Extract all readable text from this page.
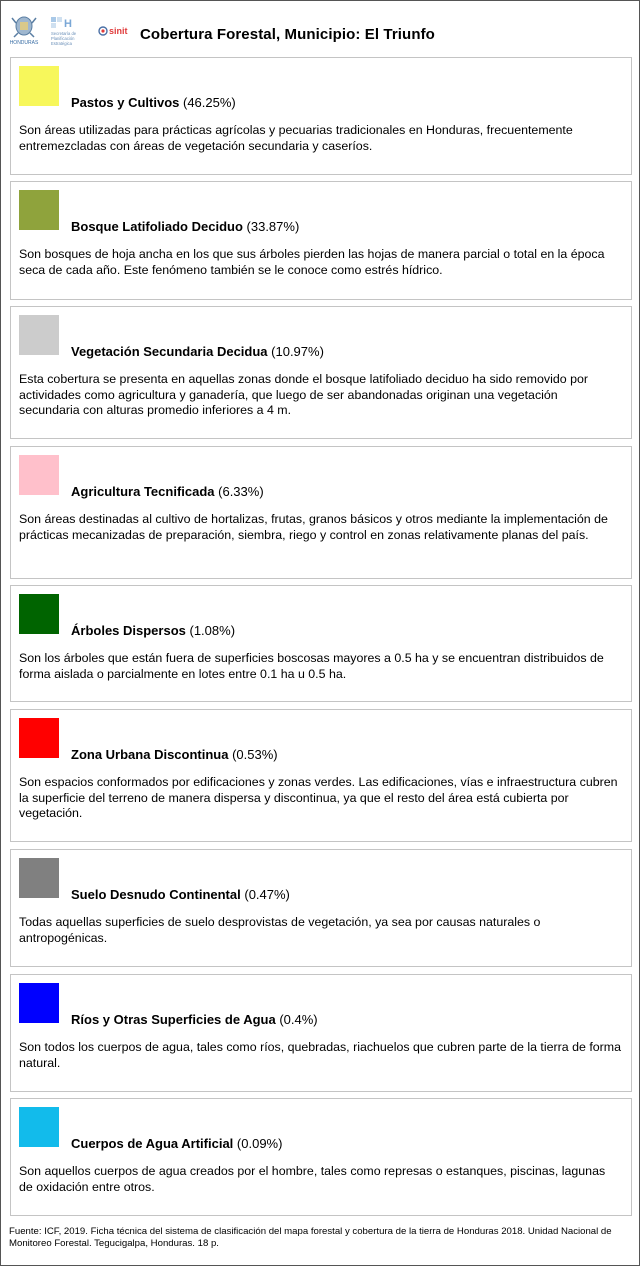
HONDURAS
H
Secretaría de
Planificación
Estratégica
sinit Cobertura Forestal, Municipio: El Triunfo
Pastos y Cultivos (46.25%)
Son áreas utilizadas para prácticas agrícolas y pecuarias tradicionales en Honduras, frecuentemente entremezcladas con áreas de vegetación secundaria y caseríos.
Bosque Latifoliado Deciduo (33.87%)
Son bosques de hoja ancha en los que sus árboles pierden las hojas de manera parcial o total en la época seca de cada año. Este fenómeno también se le conoce como estrés hídrico.
Vegetación Secundaria Decidua (10.97%)
Esta cobertura se presenta en aquellas zonas donde el bosque latifoliado deciduo ha sido removido por actividades como agricultura y ganadería, que luego de ser abandonadas originan una vegetación secundaria con alturas promedio inferiores a 4 m.
Agricultura Tecnificada (6.33%)
Son áreas destinadas al cultivo de hortalizas, frutas, granos básicos y otros mediante la implementación de prácticas mecanizadas de preparación, siembra, riego y control en zonas relativamente planas del país.
Árboles Dispersos (1.08%)
Son los árboles que están fuera de superficies boscosas mayores a 0.5 ha y se encuentran distribuidos de forma aislada o parcialmente en lotes entre 0.1 ha u 0.5 ha.
Zona Urbana Discontinua (0.53%)
Son espacios conformados por edificaciones y zonas verdes. Las edificaciones, vías e infraestructura cubren la superficie del terreno de manera dispersa y discontinua, ya que el resto del área está cubierta por vegetación.
Suelo Desnudo Continental (0.47%)
Todas aquellas superficies de suelo desprovistas de vegetación, ya sea por causas naturales o antropogénicas.
Ríos y Otras Superficies de Agua (0.4%)
Son todos los cuerpos de agua, tales como ríos, quebradas, riachuelos que cubren parte de la tierra de forma natural.
Cuerpos de Agua Artificial (0.09%)
Son aquellos cuerpos de agua creados por el hombre, tales como represas o estanques, piscinas, lagunas de oxidación entre otros.
Fuente: ICF, 2019. Ficha técnica del sistema de clasificación del mapa forestal y cobertura de la tierra de Honduras 2018. Unidad Nacional de Monitoreo Forestal. Tegucigalpa, Honduras. 18 p.
